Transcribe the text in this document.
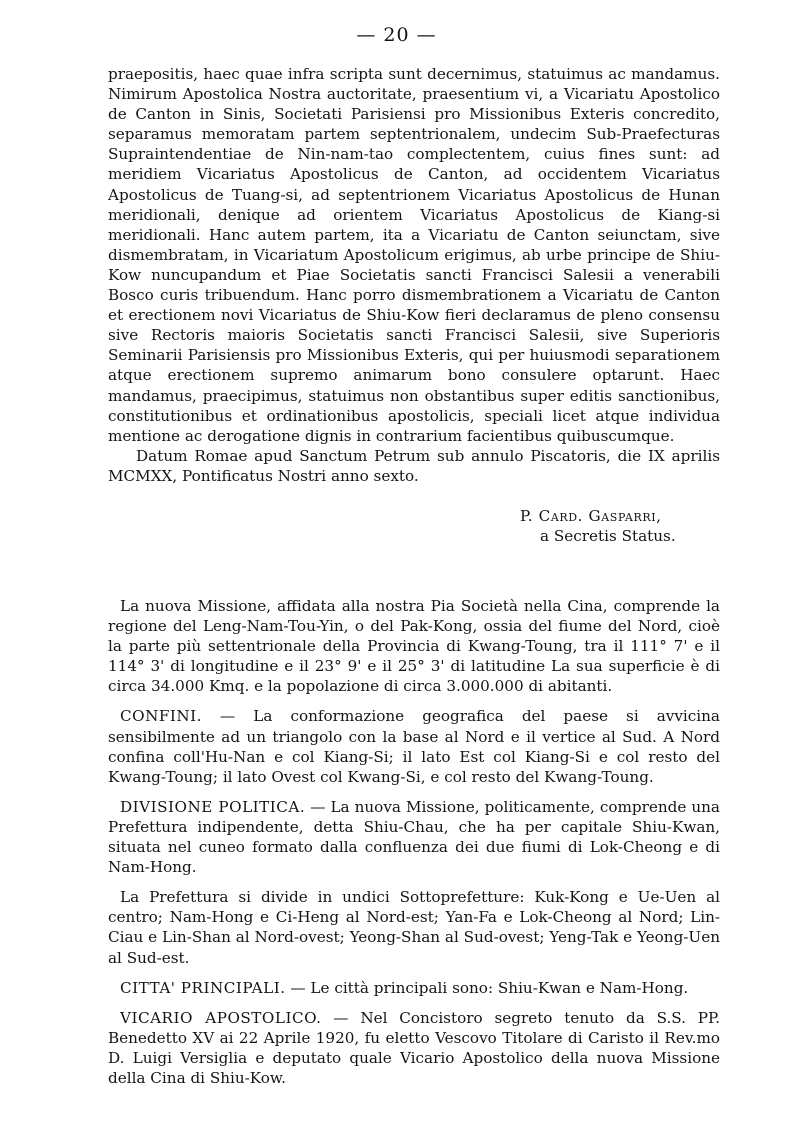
— 20 —

praepositis, haec quae infra scripta sunt decernimus, statuimus ac mandamus. Nimirum Apostolica Nostra auctoritate, praesentium vi, a Vicariatu Apostolico de Canton in Sinis, Societati Parisiensi pro Missionibus Exteris concredito, separamus memoratam partem septentrionalem, undecim Sub-Praefecturas Supraintendentiae de Nin-nam-tao complectentem, cuius fines sunt: ad meridiem Vicariatus Apostolicus de Canton, ad occidentem Vicariatus Apostolicus de Tuang-si, ad septentrionem Vicariatus Apostolicus de Hunan meridionali, denique ad orientem Vicariatus Apostolicus de Kiang-si meridionali. Hanc autem partem, ita a Vicariatu de Canton seiunctam, sive dismembratam, in Vicariatum Apostolicum erigimus, ab urbe principe de Shiu-Kow nuncupandum et Piae Societatis sancti Francisci Salesii a venerabili Bosco curis tribuendum. Hanc porro dismembrationem a Vicariatu de Canton et erectionem novi Vicariatus de Shiu-Kow fieri declaramus de pleno consensu sive Rectoris maioris Societatis sancti Francisci Salesii, sive Superioris Seminarii Parisiensis pro Missionibus Exteris, qui per huiusmodi separationem atque erectionem supremo animarum bono consulere optarunt. Haec mandamus, praecipimus, statuimus non obstantibus super editis sanctionibus, constitutionibus et ordinationibus apostolicis, speciali licet atque individua mentione ac derogatione dignis in contrarium facientibus quibuscumque.

Datum Romae apud Sanctum Petrum sub annulo Piscatoris, die IX aprilis MCMXX, Pontificatus Nostri anno sexto.

P. Card. Gasparri,
a Secretis Status.

La nuova Missione, affidata alla nostra Pia Società nella Cina, comprende la regione del Leng-Nam-Tou-Yin, o del Pak-Kong, ossia del fiume del Nord, cioè la parte più settentrionale della Provincia di Kwang-Toung, tra il 111° 7' e il 114° 3' di longitudine e il 23° 9' e il 25° 3' di latitudine La sua superficie è di circa 34.000 Kmq. e la popolazione di circa 3.000.000 di abitanti.

CONFINI. — La conformazione geografica del paese si avvicina sensibilmente ad un triangolo con la base al Nord e il vertice al Sud. A Nord confina coll'Hu-Nan e col Kiang-Si; il lato Est col Kiang-Si e col resto del Kwang-Toung; il lato Ovest col Kwang-Si, e col resto del Kwang-Toung.

DIVISIONE POLITICA. — La nuova Missione, politicamente, comprende una Prefettura indipendente, detta Shiu-Chau, che ha per capitale Shiu-Kwan, situata nel cuneo formato dalla confluenza dei due fiumi di Lok-Cheong e di Nam-Hong.

La Prefettura si divide in undici Sottoprefetture: Kuk-Kong e Ue-Uen al centro; Nam-Hong e Ci-Heng al Nord-est; Yan-Fa e Lok-Cheong al Nord; Lin-Ciau e Lin-Shan al Nord-ovest; Yeong-Shan al Sud-ovest; Yeng-Tak e Yeong-Uen al Sud-est.

CITTA' PRINCIPALI. — Le città principali sono: Shiu-Kwan e Nam-Hong.

VICARIO APOSTOLICO. — Nel Concistoro segreto tenuto da S.S. PP. Benedetto XV ai 22 Aprile 1920, fu eletto Vescovo Titolare di Caristo il Rev.mo D. Luigi Versiglia e deputato quale Vicario Apostolico della nuova Missione della Cina di Shiu-Kow.
